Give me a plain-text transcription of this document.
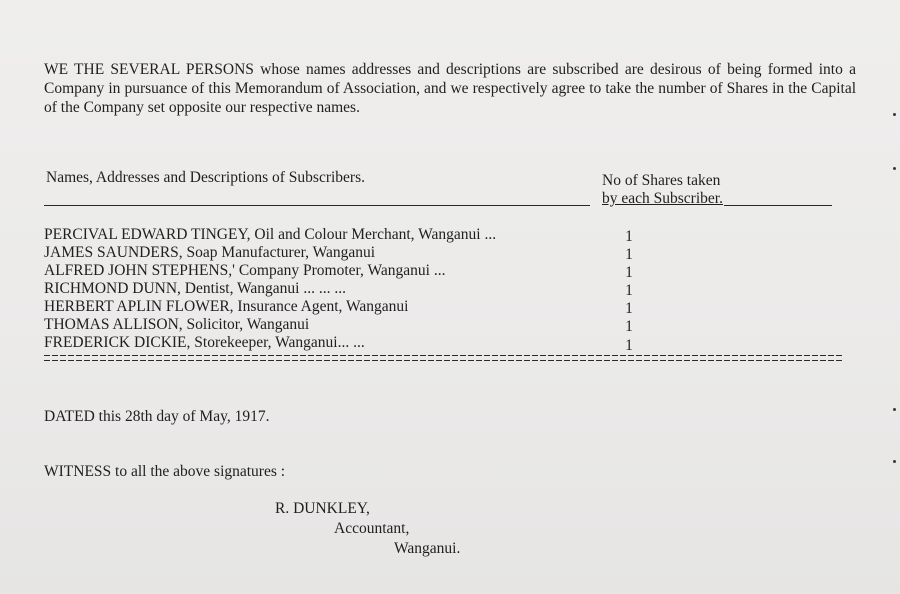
WE THE SEVERAL PERSONS whose names addresses and descriptions are subscribed are desirous of being formed into a Company in pursuance of this Memorandum of Association, and we respectively agree to take the number of Shares in the Capital of the Company set opposite our respective names.
Names, Addresses and Descriptions of Subscribers.	No of Shares taken
by each Subscriber.
PERCIVAL EDWARD TINGEY, Oil and Colour Merchant, Wanganui ...
JAMES SAUNDERS, Soap Manufacturer, Wanganui
ALFRED JOHN STEPHENS,' Company Promoter, Wanganui ...
RICHMOND DUNN, Dentist, Wanganui ... ... ...
HERBERT APLIN FLOWER, Insurance Agent, Wanganui
THOMAS ALLISON, Solicitor, Wanganui
FREDERICK DICKIE, Storekeeper, Wanganui... ...
1
1
1
1
1
1
1
DATED this 28th day of May, 1917.
WITNESS to all the above signatures :
R. DUNKLEY,
Accountant,
Wanganui.
